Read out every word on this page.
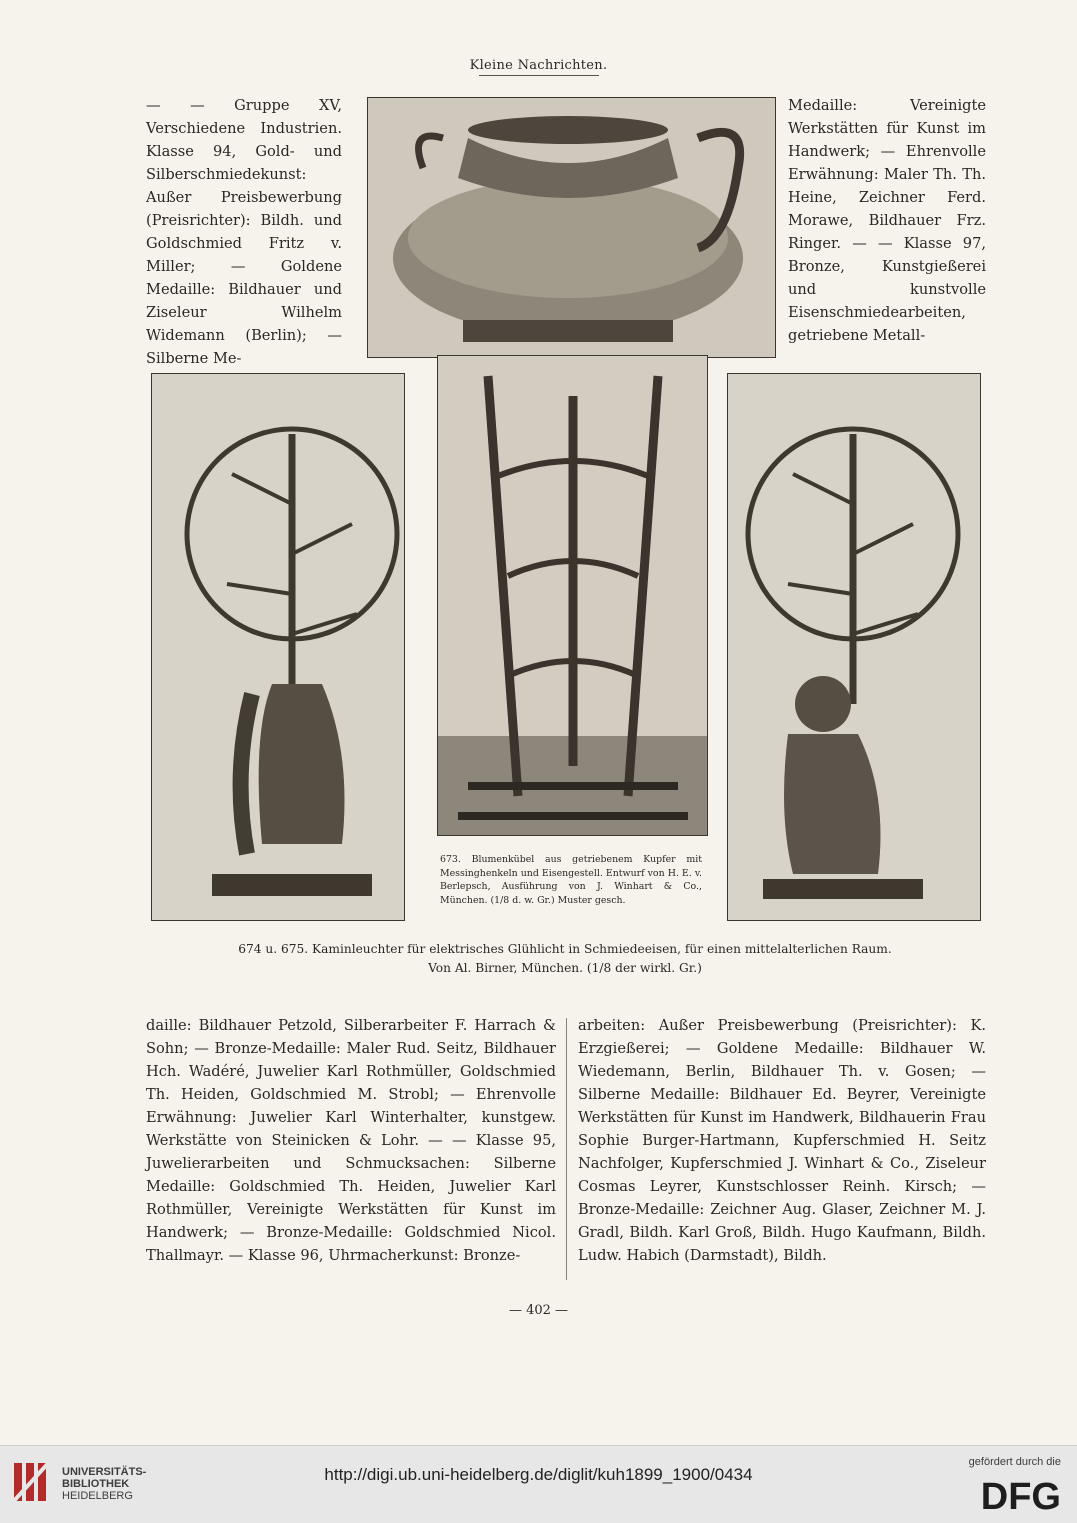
Kleine Nachrichten.

— — Gruppe XV, Verschiedene Industrien. Klasse 94, Gold- und Silberschmiedekunst: Außer Preisbewerbung (Preisrichter): Bildh. und Goldschmied Fritz v. Miller; — Goldene Medaille: Bildhauer und Ziseleur Wilhelm Widemann (Berlin); — Silberne Me-

Medaille: Vereinigte Werkstätten für Kunst im Handwerk; — Ehrenvolle Erwähnung: Maler Th. Th. Heine, Zeichner Ferd. Morawe, Bildhauer Frz. Ringer. — — Klasse 97, Bronze, Kunstgießerei und kunstvolle Eisenschmiedearbeiten, getriebene Metall-

673. Blumenkübel aus getriebenem Kupfer mit Messinghenkeln und Eisengestell. Entwurf von H. E. v. Berlepsch, Ausführung von J. Winhart & Co., München. (1/8 d. w. Gr.) Muster gesch.
674 u. 675. Kaminleuchter für elektrisches Glühlicht in Schmiedeeisen, für einen mittelalterlichen Raum.
Von Al. Birner, München. (1/8 der wirkl. Gr.)

daille: Bildhauer Petzold, Silberarbeiter F. Harrach & Sohn; — Bronze-Medaille: Maler Rud. Seitz, Bildhauer Hch. Wadéré, Juwelier Karl Rothmüller, Goldschmied Th. Heiden, Goldschmied M. Strobl; — Ehrenvolle Erwähnung: Juwelier Karl Winterhalter, kunstgew. Werkstätte von Steinicken & Lohr. — — Klasse 95, Juwelierarbeiten und Schmucksachen: Silberne Medaille: Goldschmied Th. Heiden, Juwelier Karl Rothmüller, Vereinigte Werkstätten für Kunst im Handwerk; — Bronze-Medaille: Goldschmied Nicol. Thallmayr. — Klasse 96, Uhrmacherkunst: Bronze-

arbeiten: Außer Preisbewerbung (Preisrichter): K. Erzgießerei; — Goldene Medaille: Bildhauer W. Wiedemann, Berlin, Bildhauer Th. v. Gosen; — Silberne Medaille: Bildhauer Ed. Beyrer, Vereinigte Werkstätten für Kunst im Handwerk, Bildhauerin Frau Sophie Burger-Hartmann, Kupferschmied H. Seitz Nachfolger, Kupferschmied J. Winhart & Co., Ziseleur Cosmas Leyrer, Kunstschlosser Reinh. Kirsch; — Bronze-Medaille: Zeichner Aug. Glaser, Zeichner M. J. Gradl, Bildh. Karl Groß, Bildh. Hugo Kaufmann, Bildh. Ludw. Habich (Darmstadt), Bildh.

— 402 —
UNIVERSITÄTS-
BIBLIOTHEK
HEIDELBERG
http://digi.ub.uni-heidelberg.de/diglit/kuh1899_1900/0434
gefördert durch die
DFG
